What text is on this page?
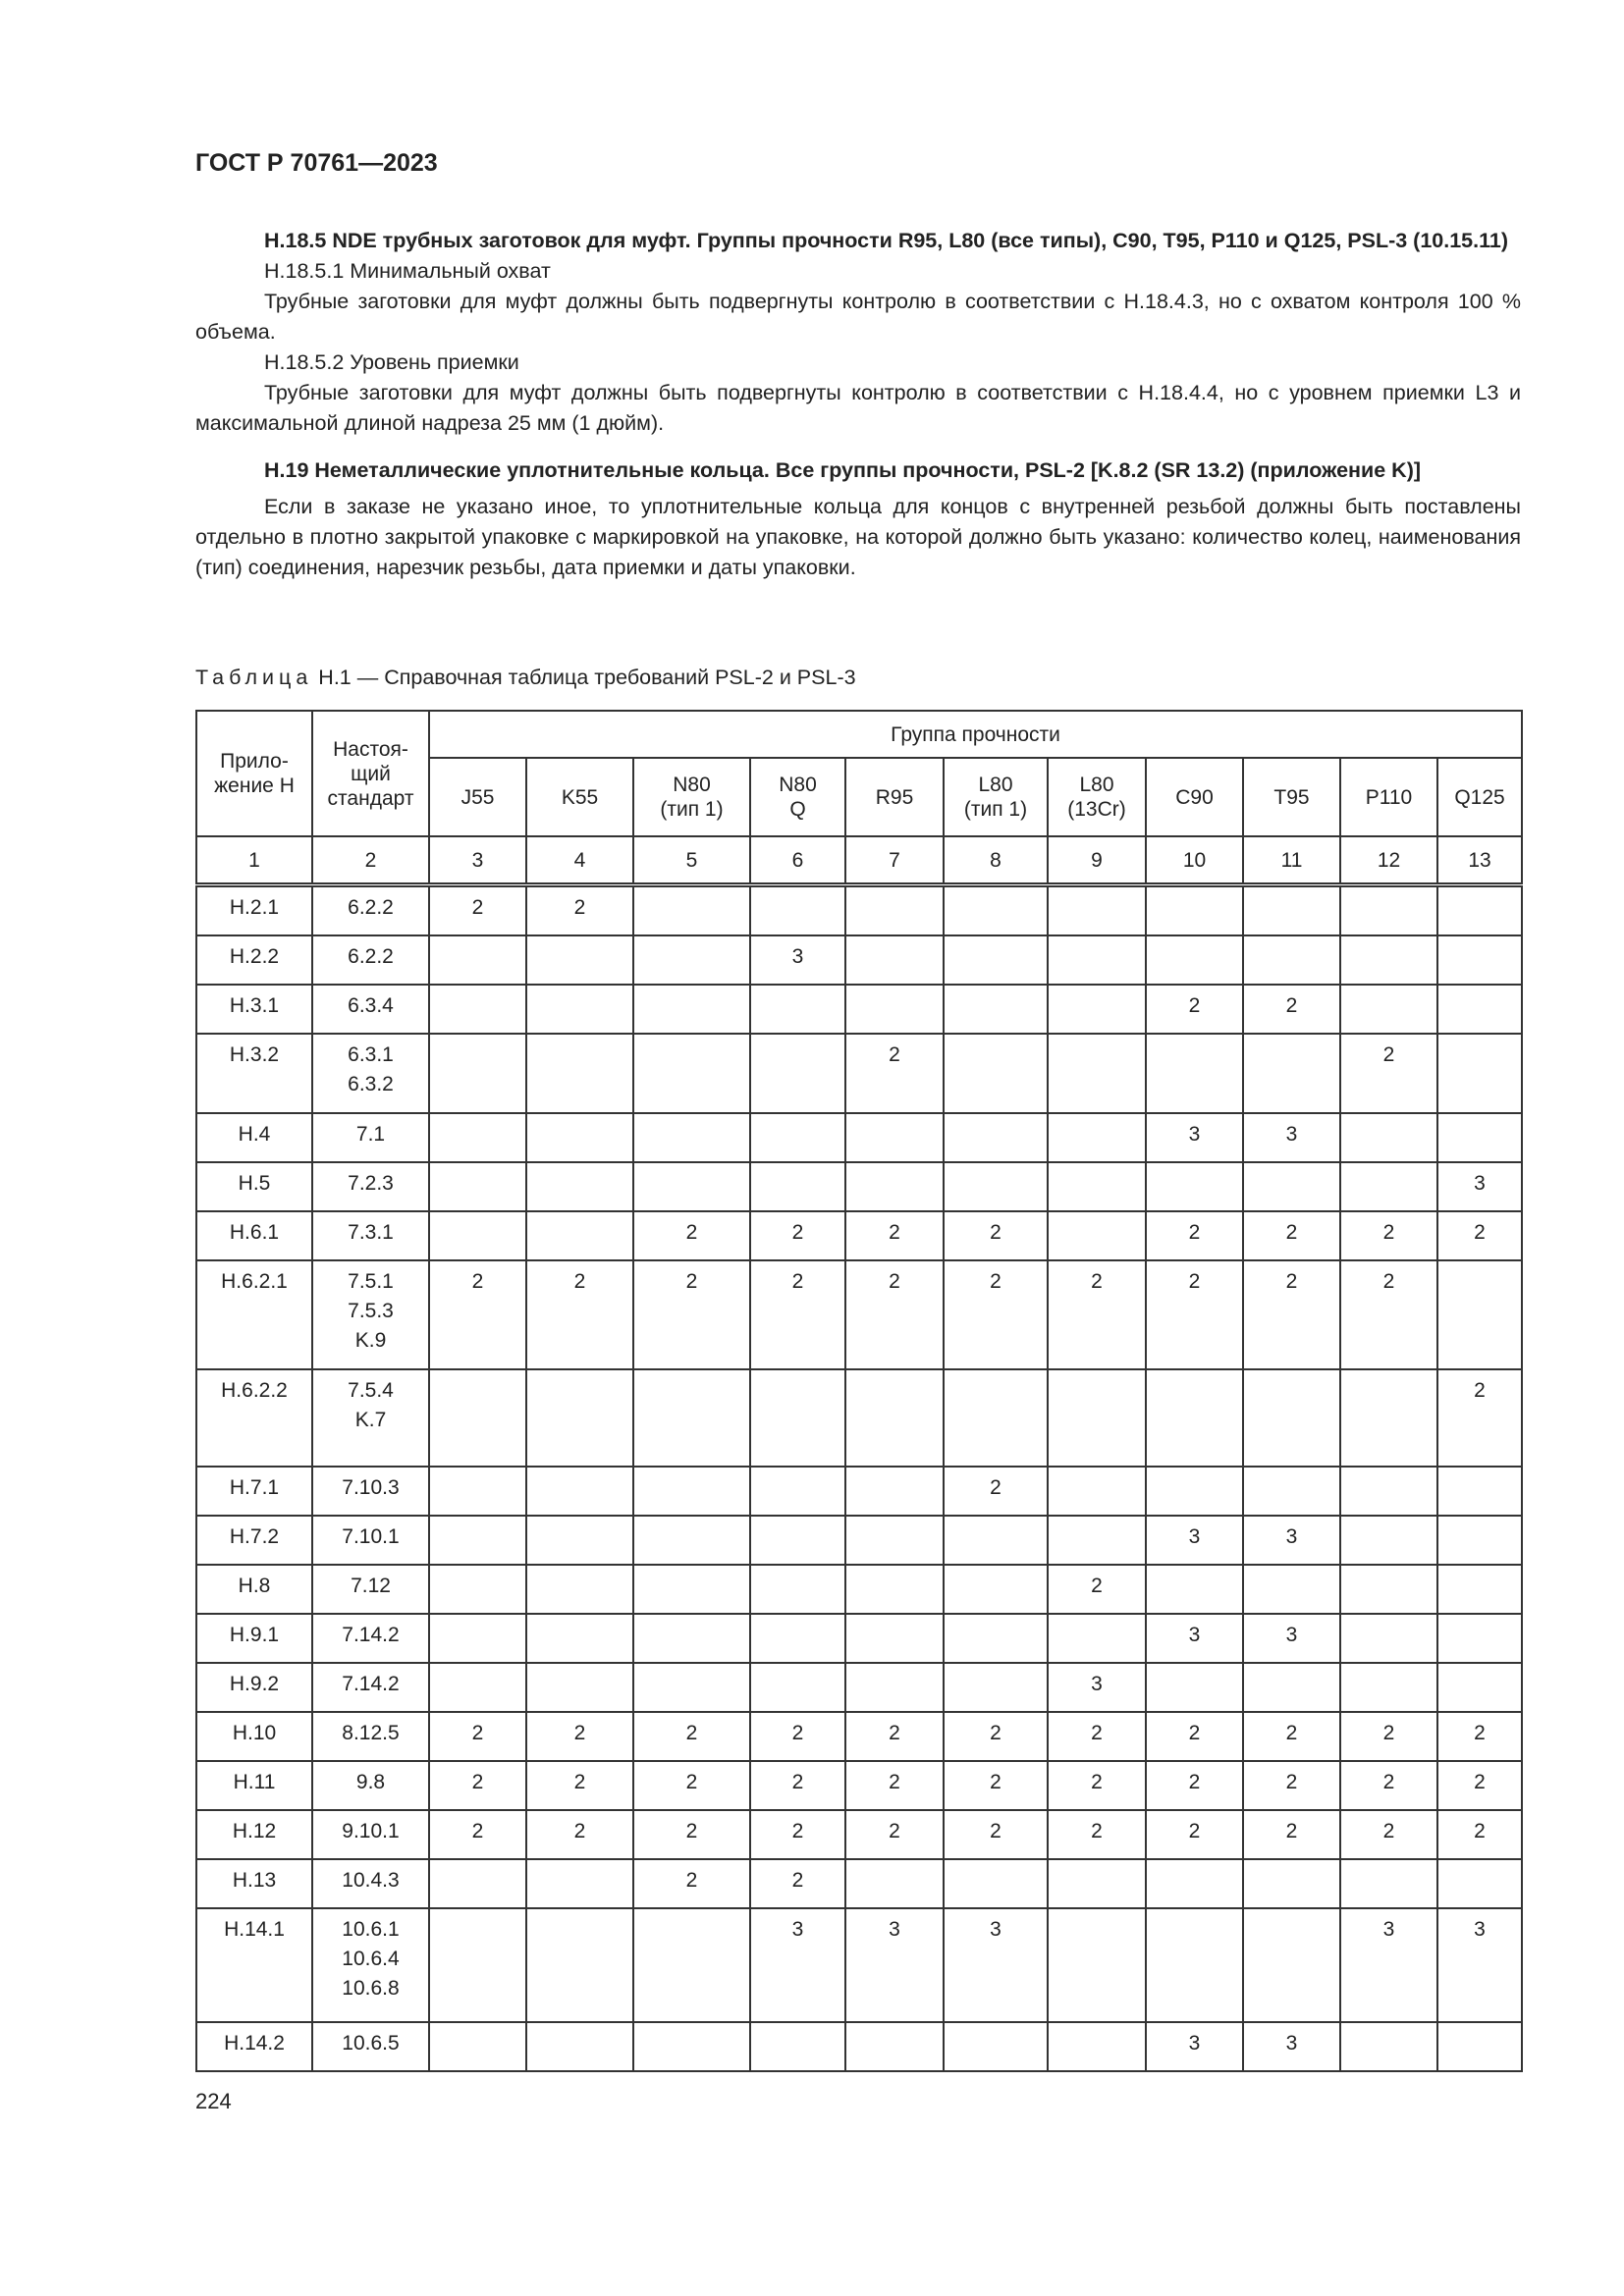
ГОСТ Р 70761—2023

Н.18.5 NDE трубных заготовок для муфт. Группы прочности R95, L80 (все типы), C90, T95, P110 и Q125, PSL-3 (10.15.11)

Н.18.5.1 Минимальный охват

Трубные заготовки для муфт должны быть подвергнуты контролю в соответствии с Н.18.4.3, но с охватом контроля 100 % объема.

Н.18.5.2 Уровень приемки

Трубные заготовки для муфт должны быть подвергнуты контролю в соответствии с Н.18.4.4, но с уровнем приемки L3 и максимальной длиной надреза 25 мм (1 дюйм).

Н.19 Неметаллические уплотнительные кольца. Все группы прочности, PSL-2 [K.8.2 (SR 13.2) (приложение K)]

Если в заказе не указано иное, то уплотнительные кольца для концов с внутренней резьбой должны быть поставлены отдельно в плотно закрытой упаковке с маркировкой на упаковке, на которой должно быть указано: количество колец, наименования (тип) соединения, нарезчик резьбы, дата приемки и даты упаковки.

Таблица Н.1 — Справочная таблица требований PSL-2 и PSL-3
Прило-
жение Н	Настоя-
щий
стандарт	Группа прочности										
		J55	K55	N80
(тип 1)	N80
Q	R95	L80
(тип 1)	L80
(13Cr)	C90	T95	P110	Q125
1	2	3	4	5	6	7	8	9	10	11	12	13
Н.2.1	6.2.2	2	2									
Н.2.2	6.2.2				3							
Н.3.1	6.3.4								2	2		
Н.3.2	6.3.1
6.3.2					2					2	
Н.4	7.1								3	3		
Н.5	7.2.3											3
Н.6.1	7.3.1			2	2	2	2		2	2	2	2
Н.6.2.1	7.5.1
7.5.3
K.9	2	2	2	2	2	2	2	2	2	2	
Н.6.2.2	7.5.4
K.7											2
Н.7.1	7.10.3						2					
Н.7.2	7.10.1								3	3		
Н.8	7.12							2				
Н.9.1	7.14.2								3	3		
Н.9.2	7.14.2							3				
Н.10	8.12.5	2	2	2	2	2	2	2	2	2	2	2
Н.11	9.8	2	2	2	2	2	2	2	2	2	2	2
Н.12	9.10.1	2	2	2	2	2	2	2	2	2	2	2
Н.13	10.4.3			2	2							
Н.14.1	10.6.1
10.6.4
10.6.8				3	3	3				3	3
Н.14.2	10.6.5								3	3		
224
